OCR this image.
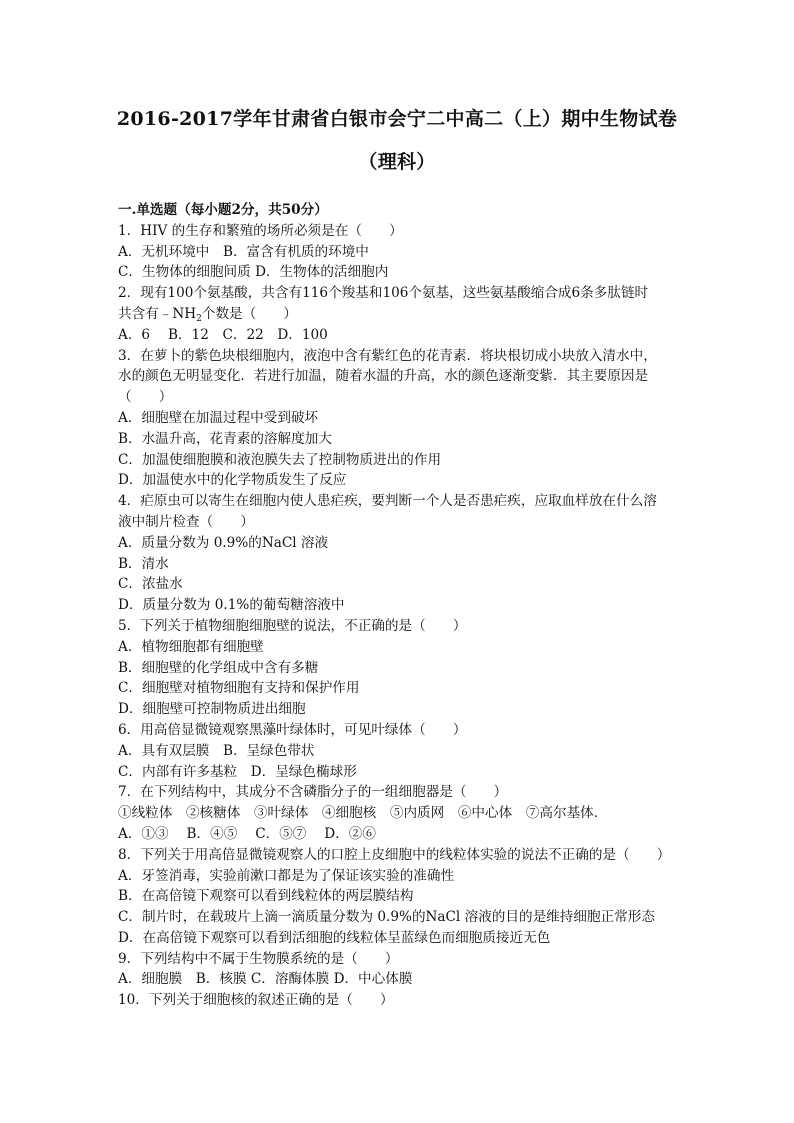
2016-2017学年甘肃省白银市会宁二中高二（上）期中生物试卷
（理科）
一.单选题（每小题2分，共50分）
1．HIV 的生存和繁殖的场所必须是在（　　）
A．无机环境中　B．富含有机质的环境中
C．生物体的细胞间质 D．生物体的活细胞内
2．现有100个氨基酸，共含有116个羧基和106个氨基，这些氨基酸缩合成6条多肽链时
共含有$﹣NH_2$个数是（　　）
A．6　 B．12　C．22　D．100
3．在萝卜的紫色块根细胞内，液泡中含有紫红色的花青素．将块根切成小块放入清水中，
水的颜色无明显变化．若进行加温，随着水温的升高，水的颜色逐渐变紫．其主要原因是
（　　）
A．细胞壁在加温过程中受到破坏
B．水温升高，花青素的溶解度加大
C．加温使细胞膜和液泡膜失去了控制物质进出的作用
D．加温使水中的化学物质发生了反应
4．疟原虫可以寄生在细胞内使人患疟疾，要判断一个人是否患疟疾，应取血样放在什么溶
液中制片检查（　　）
A．质量分数为 0.9%的NaCl 溶液
B．清水
C．浓盐水
D．质量分数为 0.1%的葡萄糖溶液中
5．下列关于植物细胞细胞壁的说法，不正确的是（　　）
A．植物细胞都有细胞壁
B．细胞壁的化学组成中含有多糖
C．细胞壁对植物细胞有支持和保护作用
D．细胞壁可控制物质进出细胞
6．用高倍显微镜观察黑藻叶绿体时，可见叶绿体（　　）
A．具有双层膜　B．呈绿色带状
C．内部有许多基粒　D．呈绿色椭球形
7．在下列结构中，其成分不含磷脂分子的一组细胞器是（　　）
①线粒体　②核糖体　③叶绿体　④细胞核　⑤内质网　⑥中心体　⑦高尔基体．
A．①③　 B．④⑤　 C．⑤⑦　 D．②⑥
8．下列关于用高倍显微镜观察人的口腔上皮细胞中的线粒体实验的说法不正确的是（　　）
A．牙签消毒，实验前漱口都是为了保证该实验的准确性
B．在高倍镜下观察可以看到线粒体的两层膜结构
C．制片时，在载玻片上滴一滴质量分数为 0.9%的NaCl 溶液的目的是维持细胞正常形态
D．在高倍镜下观察可以看到活细胞的线粒体呈蓝绿色而细胞质接近无色
9．下列结构中不属于生物膜系统的是（　　）
A．细胞膜　B．核膜 C．溶酶体膜 D．中心体膜
10．下列关于细胞核的叙述正确的是（　　）
